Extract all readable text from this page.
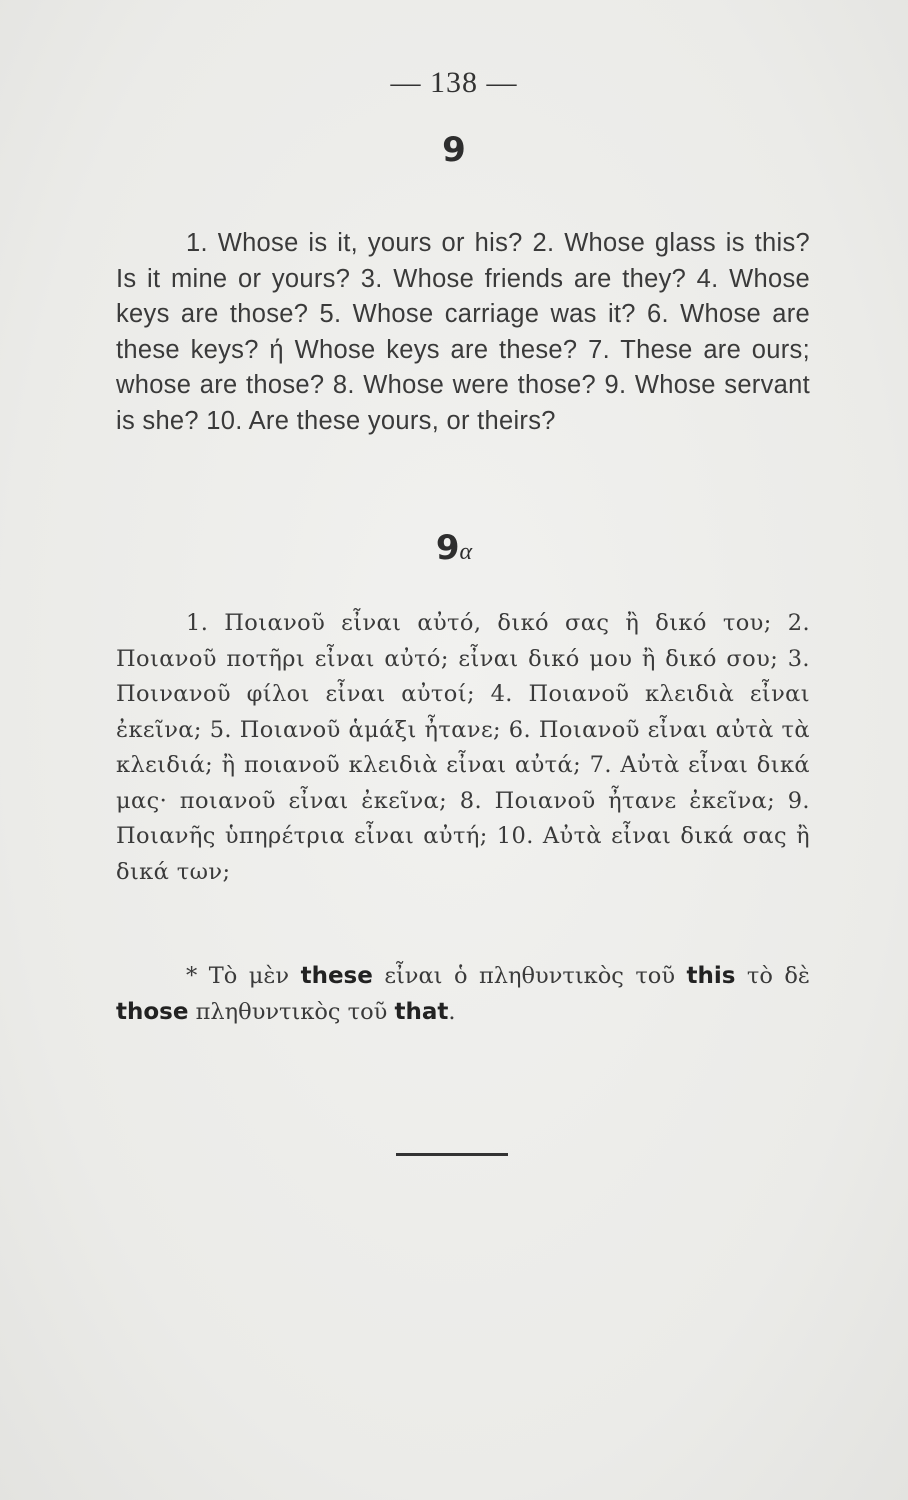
— 138 —
9

1. Whose is it, yours or his? 2. Whose glass is this? Is it mine or yours? 3. Whose friends are they? 4. Whose keys are those? 5. Whose carriage was it? 6. Whose are these keys? ή Whose keys are these? 7. These are ours; whose are those? 8. Whose were those? 9. Whose servant is she? 10. Are these yours, or theirs?

9α

1. Ποιανοῦ εἶναι αὐτό, δικό σας ἢ δικό του; 2. Ποιανοῦ ποτῆρι εἶναι αὐτό; εἶναι δικό μου ἢ δικό σου; 3. Ποινανοῦ φίλοι εἶναι αὐτοί; 4. Ποιανοῦ κλειδιὰ εἶναι ἐκεῖνα; 5. Ποιανοῦ ἁμάξι ἦτανε; 6. Ποιανοῦ εἶναι αὐτὰ τὰ κλειδιά; ἢ ποιανοῦ κλειδιὰ εἶναι αὐτά; 7. Αὐτὰ εἶναι δικά μας· ποιανοῦ εἶναι ἐκεῖνα; 8. Ποιανοῦ ἦτανε ἐκεῖνα; 9. Ποιανῆς ὑπηρέτρια εἶναι αὐτή; 10. Αὐτὰ εἶναι δικά σας ἢ δικά των;

* Τὸ μὲν these εἶναι ὁ πληθυντικὸς τοῦ this τὸ δὲ those πληθυντικὸς τοῦ that.
